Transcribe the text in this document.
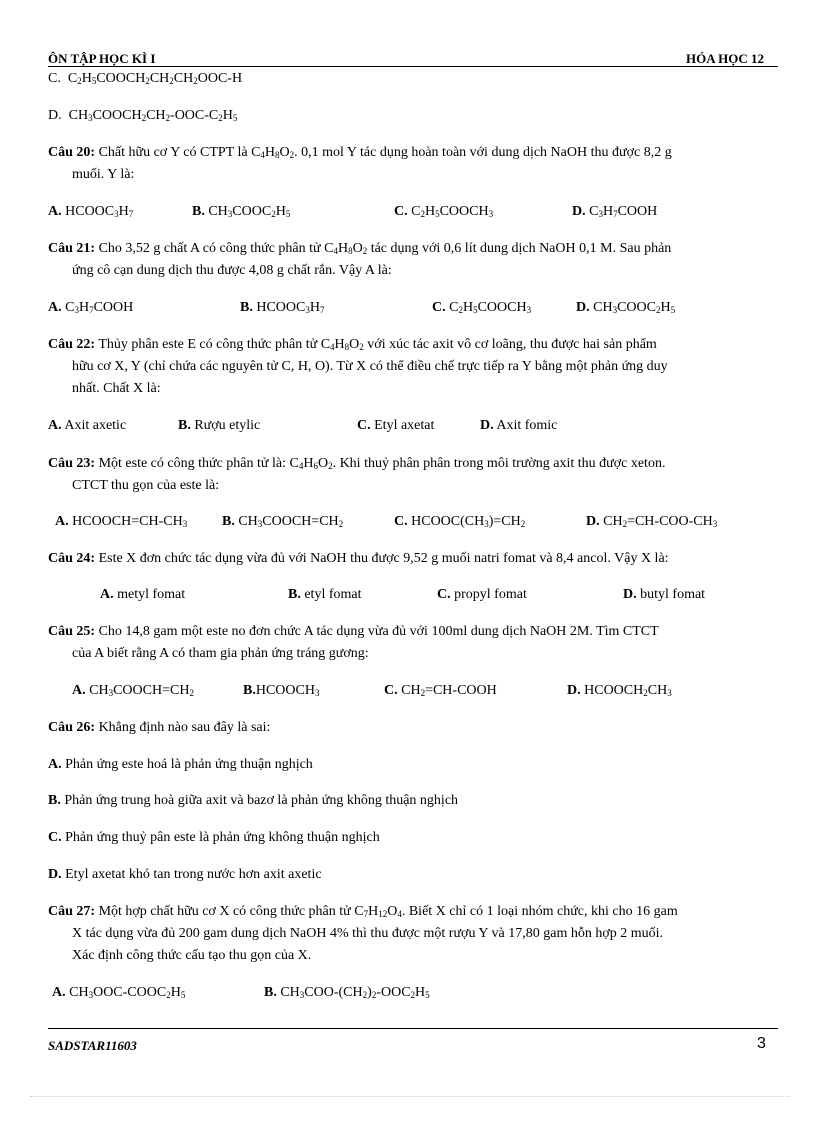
ÔN TẬP HỌC KÌ I	HÓA HỌC 12
C.  $C_2H_5COOCH_2CH_2CH_2OOC-H$
D.  $CH_3COOCH_2CH_2-OOC-C_2H_5$
Câu 20: Chất hữu cơ Y có CTPT là $C_4H_8O_2$. 0,1 mol Y tác dụng hoàn toàn với dung dịch NaOH thu được 8,2 g
muối. Y là:
A. $HCOOC_3H_7$	B. $CH_3COOC_2H_5$	C. $C_2H_5COOCH_3$	D. $C_3H_7COOH$
Câu 21: Cho 3,52 g chất A có công thức phân tử $C_4H_8O_2$ tác dụng với 0,6 lít dung dịch NaOH 0,1 M. Sau phản
ứng cô cạn dung dịch thu được 4,08 g chất rắn. Vậy A là:
A. $C_3H_7COOH$	B. $HCOOC_3H_7$	C. $C_2H_5COOCH_3$	D. $CH_3COOC_2H_5$
Câu 22: Thủy phân este E có công thức phân tử $C_4H_8O_2$ với xúc tác axit vô cơ loãng, thu được hai sản phẩm
hữu cơ X, Y (chỉ chứa các nguyên tử C, H, O). Từ X có thể điều chế trực tiếp ra Y bằng một phản ứng duy
nhất. Chất X là:
A. Axit axetic	B. Rượu etylic	C. Etyl axetat	D. Axit fomic
Câu 23: Một este có công thức phân tử là: $C_4H_6O_2$. Khi thuỷ phân phân trong môi trường axit thu được xeton.
CTCT thu gọn của este là:
A. $HCOOCH=CH-CH_3$ B. $CH_3COOCH=CH_2$	C. $HCOOC(CH_3)=CH_2$	D. $CH_2=CH-COO-CH_3$
Câu 24: Este X đơn chức tác dụng vừa đủ với NaOH thu được 9,52 g muối natri fomat và 8,4 ancol. Vậy X là:
A. metyl fomat	B. etyl fomat	C. propyl fomat	D. butyl fomat
Câu 25: Cho 14,8 gam một este no đơn chức A tác dụng vừa đủ với 100ml dung dịch NaOH 2M. Tìm CTCT
của A biết rằng A có tham gia phản ứng tráng gương:
A. $CH_3COOCH=CH_2$	$B.HCOOCH_3$	C. $CH_2=CH$-COOH	D. $HCOOCH_2CH_3$
Câu 26: Khẳng định nào sau đây là sai:
A. Phản ứng este hoá là phản ứng thuận nghịch
B. Phản ứng trung hoà giữa axit và bazơ là phản ứng không thuận nghịch
C. Phản ứng thuỷ pân este là phản ứng không thuận nghịch
D. Etyl axetat khó tan trong nước hơn axit axetic
Câu 27: Một hợp chất hữu cơ X có công thức phân tử $C_7H_{12}O_4$. Biết X chỉ có 1 loại nhóm chức, khi cho 16 gam
X tác dụng vừa đủ 200 gam dung dịch NaOH 4% thì thu được một rượu Y và 17,80 gam hỗn hợp 2 muối.
Xác định công thức cấu tạo thu gọn của X.
A. $CH_3OOC-COOC_2H_5$	B. $CH_3COO-(CH_2)_2-OOC_2H_5$
SADSTAR11603	3
